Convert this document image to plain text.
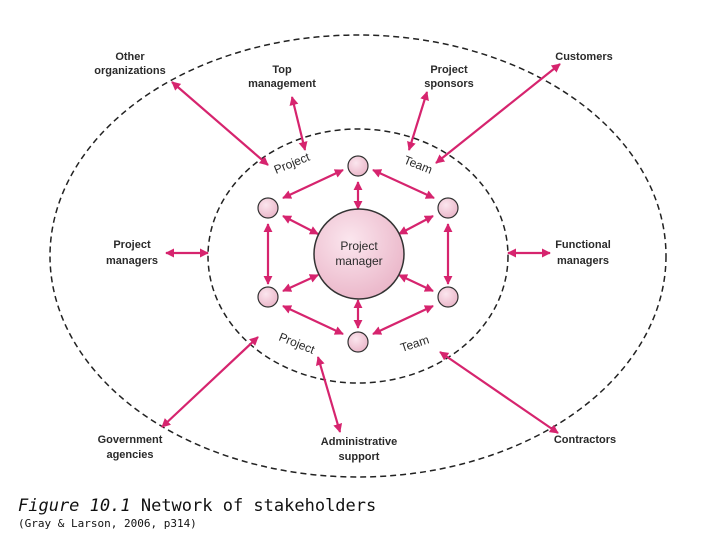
Project
manager
Project	Team
Project	Team
Other
organizations	Top
management
Project
sponsors
Customers
Project
managers
Functional
managers
Government
agencies
Administrative
support
Contractors
Figure 10.1 Network of stakeholders
(Gray & Larson, 2006, p314)
